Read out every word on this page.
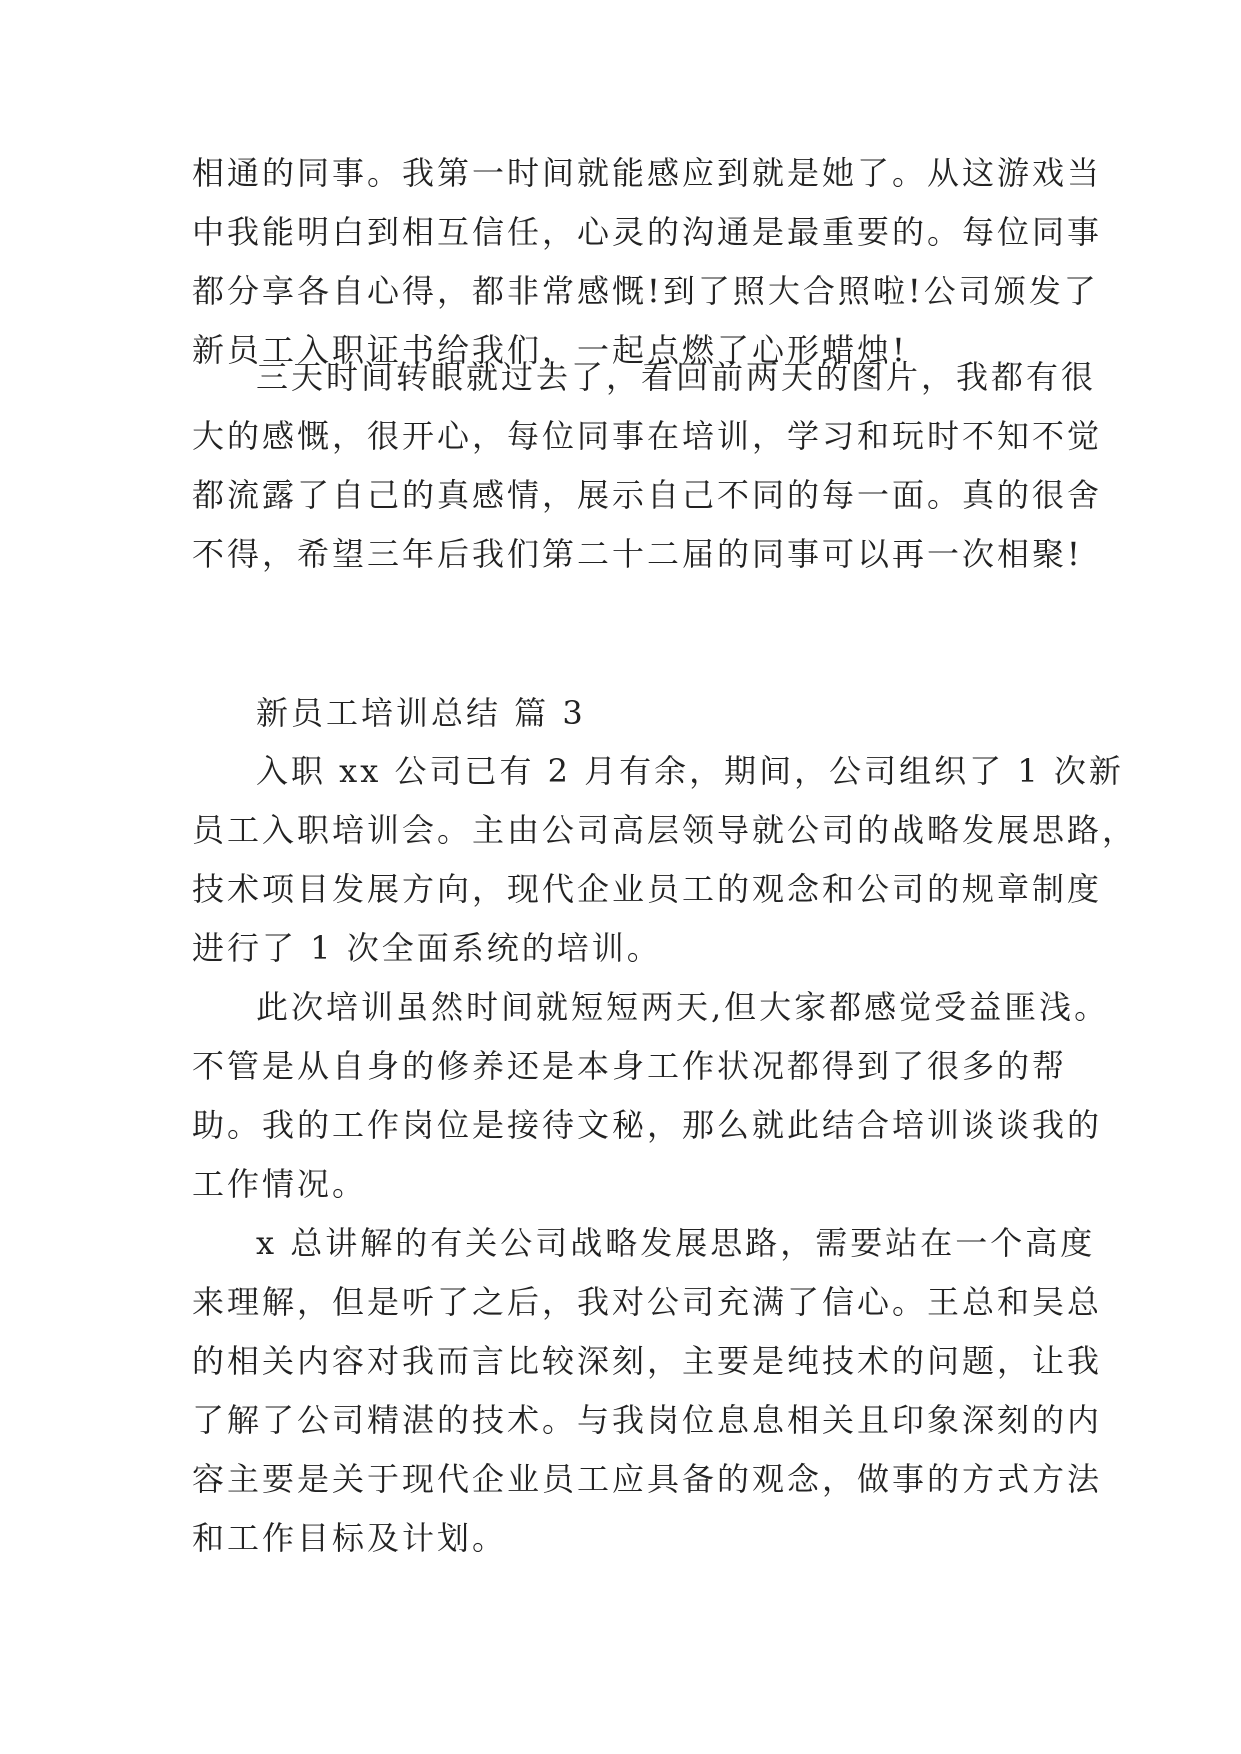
相通的同事。我第一时间就能感应到就是她了。从这游戏当
中我能明白到相互信任，心灵的沟通是最重要的。每位同事
都分享各自心得，都非常感慨!到了照大合照啦!公司颁发了
新员工入职证书给我们，一起点燃了心形蜡烛!
三天时间转眼就过去了，看回前两天的图片，我都有很
大的感慨，很开心，每位同事在培训，学习和玩时不知不觉
都流露了自己的真感情，展示自己不同的每一面。真的很舍
不得，希望三年后我们第二十二届的同事可以再一次相聚!
新员工培训总结 篇 3
入职 xx 公司已有 2 月有余，期间，公司组织了 1 次新
员工入职培训会。主由公司高层领导就公司的战略发展思路，
技术项目发展方向，现代企业员工的观念和公司的规章制度
进行了 1 次全面系统的培训。
此次培训虽然时间就短短两天,但大家都感觉受益匪浅。
不管是从自身的修养还是本身工作状况都得到了很多的帮
助。我的工作岗位是接待文秘，那么就此结合培训谈谈我的
工作情况。
x 总讲解的有关公司战略发展思路，需要站在一个高度
来理解，但是听了之后，我对公司充满了信心。王总和吴总
的相关内容对我而言比较深刻，主要是纯技术的问题，让我
了解了公司精湛的技术。与我岗位息息相关且印象深刻的内
容主要是关于现代企业员工应具备的观念，做事的方式方法
和工作目标及计划。
